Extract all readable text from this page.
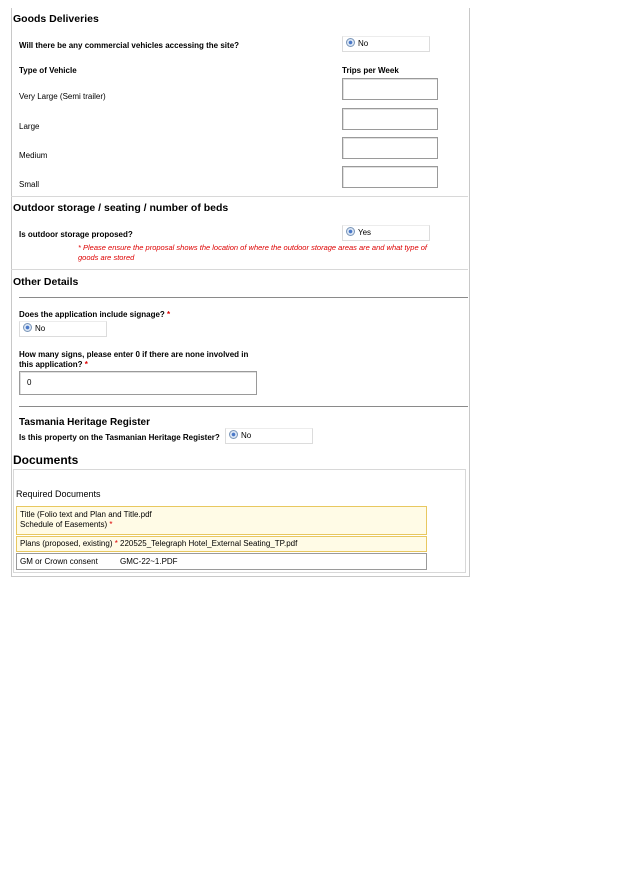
Goods Deliveries
Will there be any commercial vehicles accessing the site?	No
Type of Vehicle	Trips per Week
Very Large (Semi trailer)
Large
Medium
Small
Outdoor storage / seating / number of beds
Is outdoor storage proposed?	Yes
* Please ensure the proposal shows the location of where the outdoor storage areas are and what type of
goods are stored
Other Details
Does the application include signage? *
No
How many signs, please enter 0 if there are none involved in
this application? *
0
Tasmania Heritage Register
Is this property on the Tasmanian Heritage Register?	No
Documents
Required Documents
Title (Folio text and Plan and Title.pdf
Schedule of Easements) *
Plans (proposed, existing) * 220525_Telegraph Hotel_External Seating_TP.pdf
GM or Crown consent	GMC-22~1.PDF
